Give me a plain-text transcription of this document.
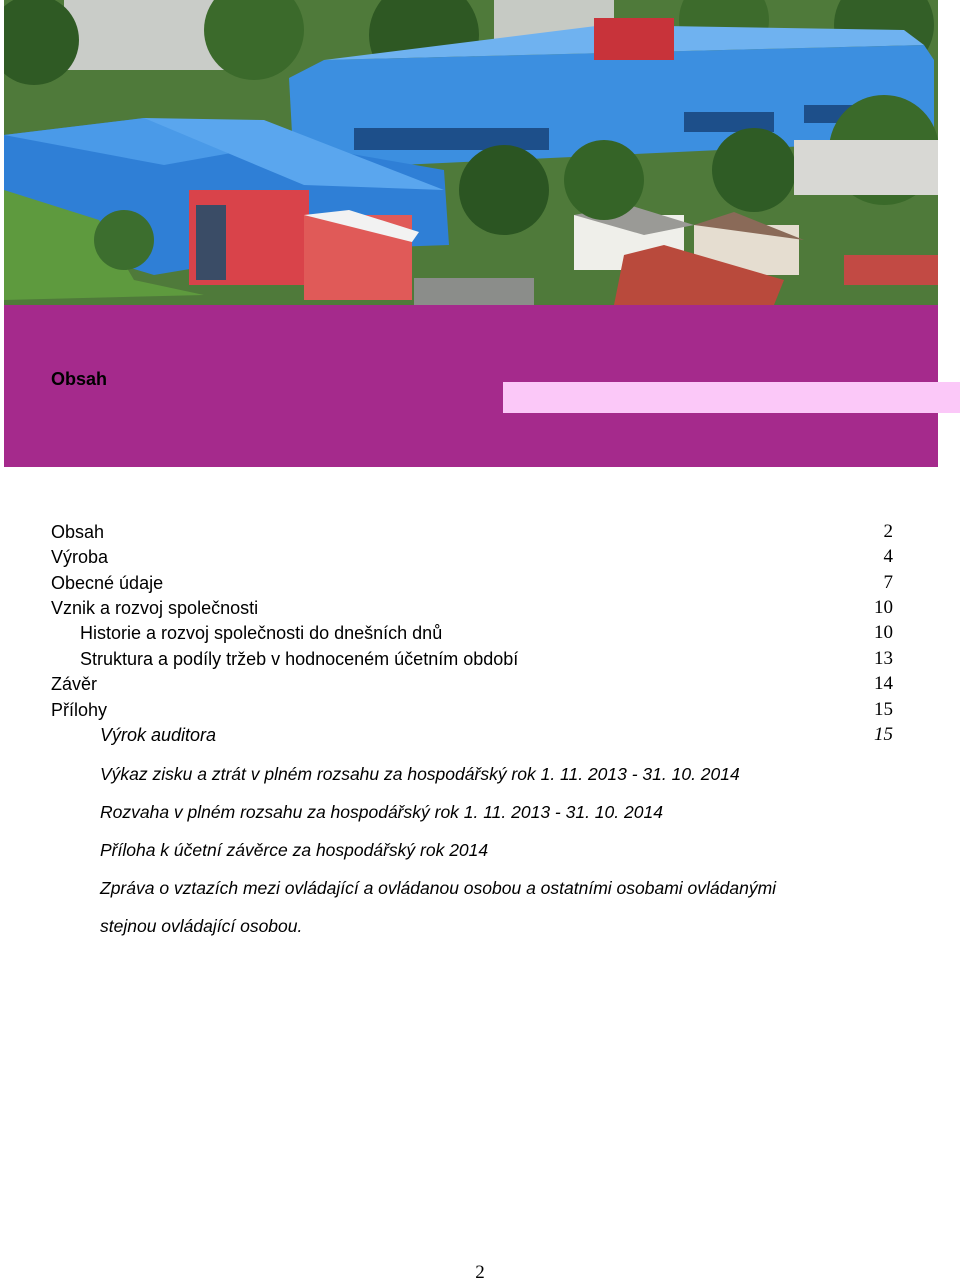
Obsah
Obsah	2
Výroba	4
Obecné údaje	7
Vznik a rozvoj společnosti	10
Historie a rozvoj společnosti do dnešních dnů	10
Struktura a podíly tržeb v hodnoceném účetním období	13
Závěr	14
Přílohy	15
Výrok auditora	15
Výkaz zisku a ztrát v plném rozsahu za hospodářský rok 1. 11. 2013 - 31. 10. 2014
Rozvaha v plném rozsahu za hospodářský rok 1. 11. 2013 - 31. 10. 2014
Příloha k účetní závěrce za hospodářský rok 2014
Zpráva o vztazích mezi ovládající a ovládanou osobou a ostatními osobami ovládanými
stejnou ovládající osobou.
2
